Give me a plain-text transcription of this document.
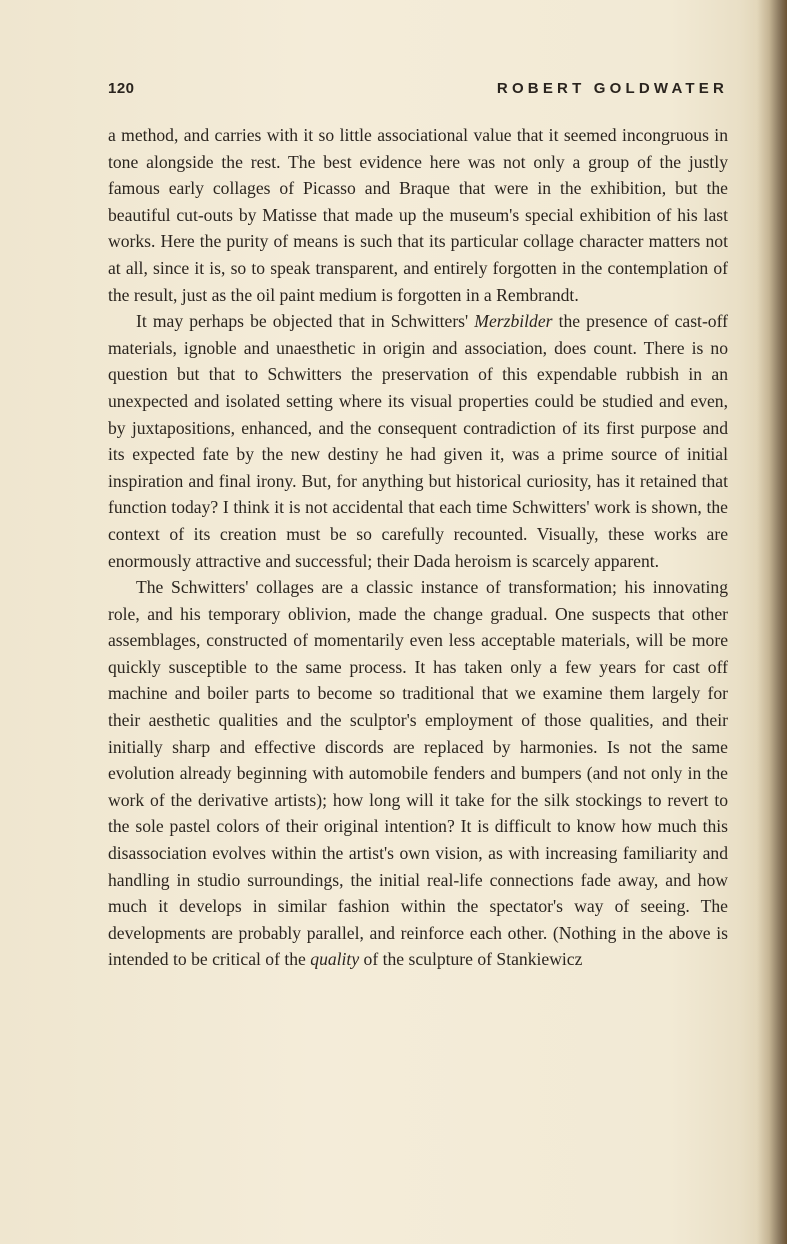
120	ROBERT GOLDWATER

a method, and carries with it so little associational value that it seemed incongruous in tone alongside the rest. The best evidence here was not only a group of the justly famous early collages of Picasso and Braque that were in the exhibition, but the beautiful cut-outs by Matisse that made up the museum's special exhibition of his last works. Here the purity of means is such that its particular collage character matters not at all, since it is, so to speak transparent, and entirely forgotten in the contemplation of the result, just as the oil paint medium is forgotten in a Rembrandt.

It may perhaps be objected that in Schwitters' Merzbilder the presence of cast-off materials, ignoble and unaesthetic in origin and association, does count. There is no question but that to Schwitters the preservation of this expendable rubbish in an unexpected and isolated setting where its visual properties could be studied and even, by juxtapositions, enhanced, and the consequent contradiction of its first purpose and its expected fate by the new destiny he had given it, was a prime source of initial inspiration and final irony. But, for anything but historical curiosity, has it retained that function today? I think it is not accidental that each time Schwitters' work is shown, the context of its creation must be so carefully recounted. Visually, these works are enormously attractive and successful; their Dada heroism is scarcely apparent.

The Schwitters' collages are a classic instance of transformation; his innovating role, and his temporary oblivion, made the change gradual. One suspects that other assemblages, constructed of momentarily even less acceptable materials, will be more quickly susceptible to the same process. It has taken only a few years for cast off machine and boiler parts to become so traditional that we examine them largely for their aesthetic qualities and the sculptor's employment of those qualities, and their initially sharp and effective discords are replaced by harmonies. Is not the same evolution already beginning with automobile fenders and bumpers (and not only in the work of the derivative artists); how long will it take for the silk stockings to revert to the sole pastel colors of their original intention? It is difficult to know how much this disassociation evolves within the artist's own vision, as with increasing familiarity and handling in studio surroundings, the initial real-life connections fade away, and how much it develops in similar fashion within the spectator's way of seeing. The developments are probably parallel, and reinforce each other. (Nothing in the above is intended to be critical of the quality of the sculpture of Stankiewicz
